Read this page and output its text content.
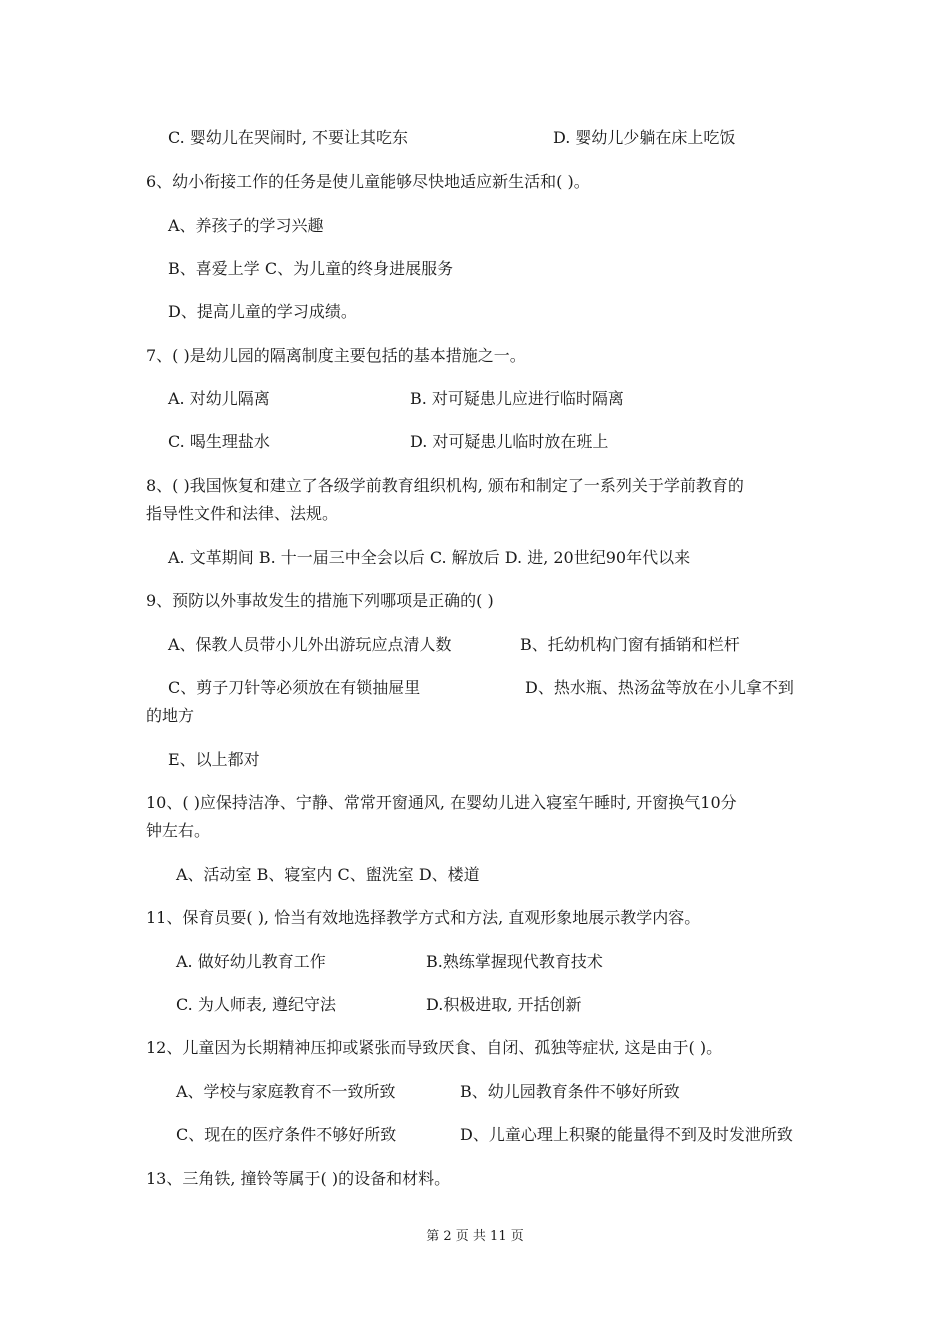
C. 婴幼儿在哭闹时, 不要让其吃东	D. 婴幼儿少躺在床上吃饭
6、幼小衔接工作的任务是使儿童能够尽快地适应新生活和( )。
A、养孩子的学习兴趣
B、喜爱上学 C、为儿童的终身进展服务
D、提高儿童的学习成绩。
7、( )是幼儿园的隔离制度主要包括的基本措施之一。
A. 对幼儿隔离	B. 对可疑患儿应进行临时隔离
C. 喝生理盐水	D. 对可疑患儿临时放在班上
8、( )我国恢复和建立了各级学前教育组织机构, 颁布和制定了一系列关于学前教育的
指导性文件和法律、法规。
A. 文革期间 B. 十一届三中全会以后 C. 解放后 D. 进, 20世纪90年代以来
9、预防以外事故发生的措施下列哪项是正确的( )
A、保教人员带小儿外出游玩应点清人数	B、托幼机构门窗有插销和栏杆
C、剪子刀针等必须放在有锁抽屉里	D、热水瓶、热汤盆等放在小儿拿不到
的地方
E、以上都对
10、( )应保持洁净、宁静、常常开窗通风, 在婴幼儿进入寝室午睡时, 开窗换气10分
钟左右。
A、活动室 B、寝室内 C、盥洗室 D、楼道
11、保育员要( ), 恰当有效地选择教学方式和方法, 直观形象地展示教学内容。
A. 做好幼儿教育工作	B.熟练掌握现代教育技术
C. 为人师表, 遵纪守法	D.积极进取, 开括创新
12、儿童因为长期精神压抑或紧张而导致厌食、自闭、孤独等症状, 这是由于( )。
A、学校与家庭教育不一致所致	B、幼儿园教育条件不够好所致
C、现在的医疗条件不够好所致	D、儿童心理上积聚的能量得不到及时发泄所致
13、三角铁, 撞铃等属于( )的设备和材料。
第 2 页 共 11 页
